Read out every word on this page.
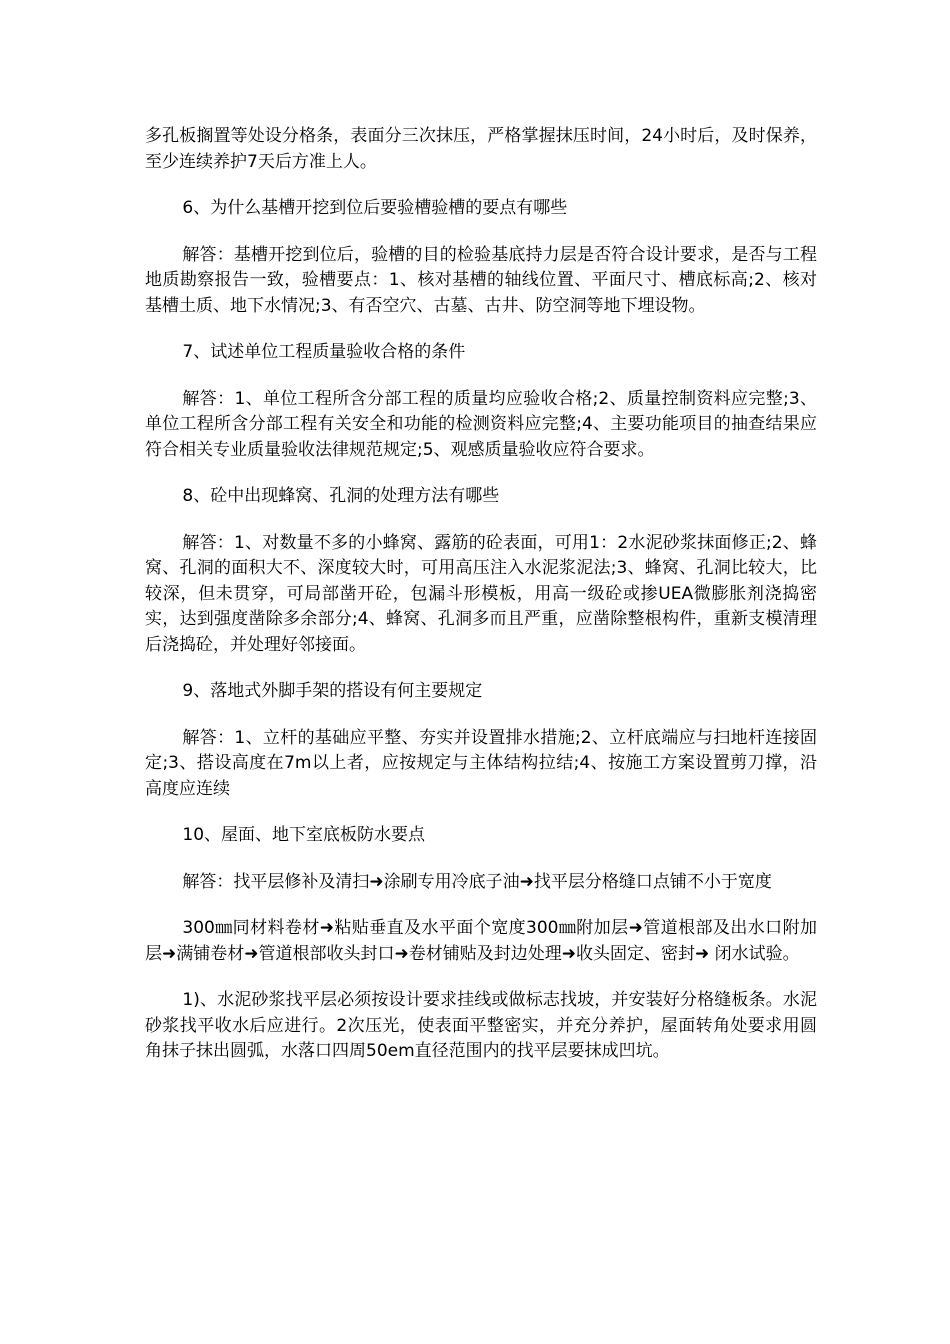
多孔板搁置等处设分格条，表面分三次抹压，严格掌握抹压时间，24小时后，及时保养，至少连续养护7天后方准上人。

6、为什么基槽开挖到位后要验槽验槽的要点有哪些

解答：基槽开挖到位后，验槽的目的检验基底持力层是否符合设计要求，是否与工程地质勘察报告一致，验槽要点：1、核对基槽的轴线位置、平面尺寸、槽底标高;2、核对基槽土质、地下水情况;3、有否空穴、古墓、古井、防空洞等地下埋设物。

7、试述单位工程质量验收合格的条件

解答：1、单位工程所含分部工程的质量均应验收合格;2、质量控制资料应完整;3、单位工程所含分部工程有关安全和功能的检测资料应完整;4、主要功能项目的抽查结果应符合相关专业质量验收法律规范规定;5、观感质量验收应符合要求。

8、砼中出现蜂窝、孔洞的处理方法有哪些

解答：1、对数量不多的小蜂窝、露筋的砼表面，可用1：2水泥砂浆抹面修正;2、蜂窝、孔洞的面积大不、深度较大时，可用高压注入水泥浆泥法;3、蜂窝、孔洞比较大，比较深，但未贯穿，可局部凿开砼，包漏斗形模板，用高一级砼或掺UEA微膨胀剂浇捣密实，达到强度凿除多余部分;4、蜂窝、孔洞多而且严重，应凿除整根构件，重新支模清理后浇捣砼，并处理好邻接面。

9、落地式外脚手架的搭设有何主要规定

解答：1、立杆的基础应平整、夯实并设置排水措施;2、立杆底端应与扫地杆连接固定;3、搭设高度在7m以上者，应按规定与主体结构拉结;4、按施工方案设置剪刀撑，沿高度应连续

10、屋面、地下室底板防水要点

解答：找平层修补及清扫➜涂刷专用冷底子油➜找平层分格缝口点铺不小于宽度

300㎜同材料卷材➜粘贴垂直及水平面个宽度300㎜附加层➜管道根部及出水口附加层➜满铺卷材➜管道根部收头封口➜卷材铺贴及封边处理➜收头固定、密封➜ 闭水试验。

1)、水泥砂浆找平层必须按设计要求挂线或做标志找坡，并安装好分格缝板条。水泥砂浆找平收水后应进行。2次压光，使表面平整密实，并充分养护，屋面转角处要求用圆角抹子抹出圆弧，水落口四周50em直径范围内的找平层要抹成凹坑。
